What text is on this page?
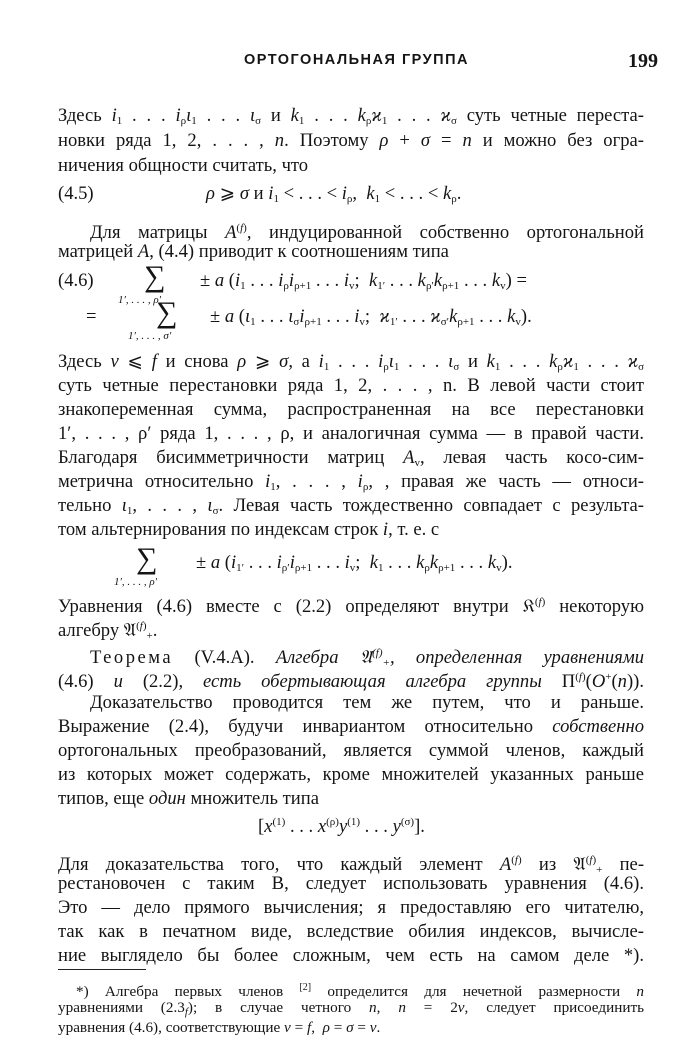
ОРТОГОНАЛЬНАЯ ГРУППА	199
Здесь $i_1$ . . . $i_\rho\iota_1$ . . . $\iota_\sigma$ и $k_1$ . . . $k_\rho ϰ_1$ . . . $ϰ_\sigma$ суть четные переста-
новки ряда 1, 2, . . . , n. Поэтому ρ + σ = n и можно без огра-
ничения общности считать, что
(4.5)	ρ ⩾ σ и $i_1$ < . . . < $i_\rho$,  $k_1$ < . . . < $k_\rho$.
Для матрицы $A^{(f)}$, индуцированной собственно ортогональной
матрицей A, (4.4) приводит к соотношениям типа
(4.6) ∑
1′, . . . , ρ′
± a ($i_1$ . . . $i_\rho i_{\rho+1}$ . . . $i_v$;  $k_{1'}$ . . . $k_{\rho'}k_{\rho+1}$ . . . $k_v$) =
= ∑
1′, . . . , σ′
± a ($\iota_1$ . . . $\iota_\sigma i_{\rho+1}$ . . . $i_v$;  $ϰ_{1'}$ . . . $ϰ_{\sigma'}k_{\rho+1}$ . . . $k_v$).
Здесь v ⩽ f и снова ρ ⩾ σ, а $i_1$ . . . $i_\rho\iota_1$ . . . $\iota_\sigma$ и $k_1$ . . . $k_\rho ϰ_1$ . . . $ϰ_\sigma$
суть четные перестановки ряда 1, 2, . . . , n. В левой части стоит
знакопеременная сумма, распространенная на все перестановки
1′, . . . , ρ′ ряда 1, . . . , ρ, и аналогичная сумма — в правой части.
Благодаря бисимметричности матриц $A_v$, левая часть косо-сим-
метрична относительно $i_1$, . . . , $i_\rho$, , правая же часть — относи-
тельно $\iota_1$, . . . , $\iota_\sigma$. Левая часть тождественно совпадает с результа-
том альтернирования по индексам строк i, т. е. с
∑
1′, . . . , ρ′
± a ($i_{1'}$ . . . $i_{\rho'}i_{\rho+1}$ . . . $i_v$;  $k_1$ . . . $k_\rho k_{\rho+1}$ . . . $k_v$).
Уравнения (4.6) вместе с (2.2) определяют внутри 𝔎$^{(f)}$ некоторую
алгебру 𝔄$^{(f)}_+$.
Теорема (V.4.A). Алгебра 𝔄$^{(f)}_+$, определенная уравнениями
(4.6) и (2.2), есть обертывающая алгебра группы $\Pi^{(f)}(O^+(n))$.
Доказательство проводится тем же путем, что и раньше.
Выражение (2.4), будучи инвариантом относительно собственно
ортогональных преобразований, является суммой членов, каждый
из которых может содержать, кроме множителей указанных раньше
типов, еще один множитель типа
[$x^{(1)}$ . . . $x^{(\rho)}y^{(1)}$ . . . $y^{(\sigma)}$].
Для доказательства того, что каждый элемент $A^{(f)}$ из 𝔄$^{(f)}_+$ пе-
рестановочен с таким B, следует использовать уравнения (4.6).
Это — дело прямого вычисления; я предоставляю его читателю,
так как в печатном виде, вследствие обилия индексов, вычисле-
ние выглядело бы более сложным, чем есть на самом деле *).
*) Алгебра первых членов [2] определится для нечетной размерности n
уравнениями $(2.3_f)$; в случае четного n, n = 2ν, следует присоединить
уравнения (4.6), соответствующие v = f,  ρ = σ = ν.
